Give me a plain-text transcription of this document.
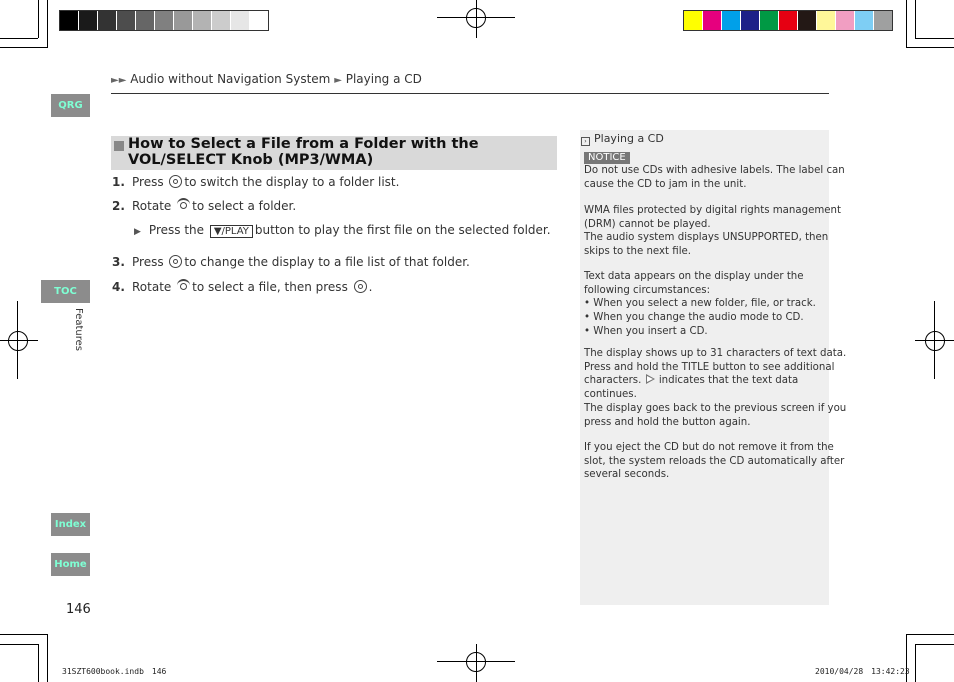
QRG
TOC
Index
Home
Features
146
►► Audio without Navigation System ► Playing a CD
How to Select a File from a Folder with the VOL/SELECT Knob (MP3/WMA)
1. Press to switch the display to a folder list.
2. Rotate to select a folder.
▶ Press the ▼/PLAY button to play the first file on the selected folder.
3. Press to change the display to a file list of that folder.
4. Rotate to select a file, then press .
› Playing a CD
NOTICE
Do not use CDs with adhesive labels. The label can
cause the CD to jam in the unit.
WMA files protected by digital rights management
(DRM) cannot be played.
The audio system displays UNSUPPORTED, then
skips to the next file.
Text data appears on the display under the
following circumstances:
• When you select a new folder, file, or track.
• When you change the audio mode to CD.
• When you insert a CD.
The display shows up to 31 characters of text data.
Press and hold the TITLE button to see additional
characters. indicates that the text data
continues.
The display goes back to the previous screen if you
press and hold the button again.
If you eject the CD but do not remove it from the
slot, the system reloads the CD automatically after
several seconds.
31SZT600book.indb　146	2010/04/28　13:42:23
